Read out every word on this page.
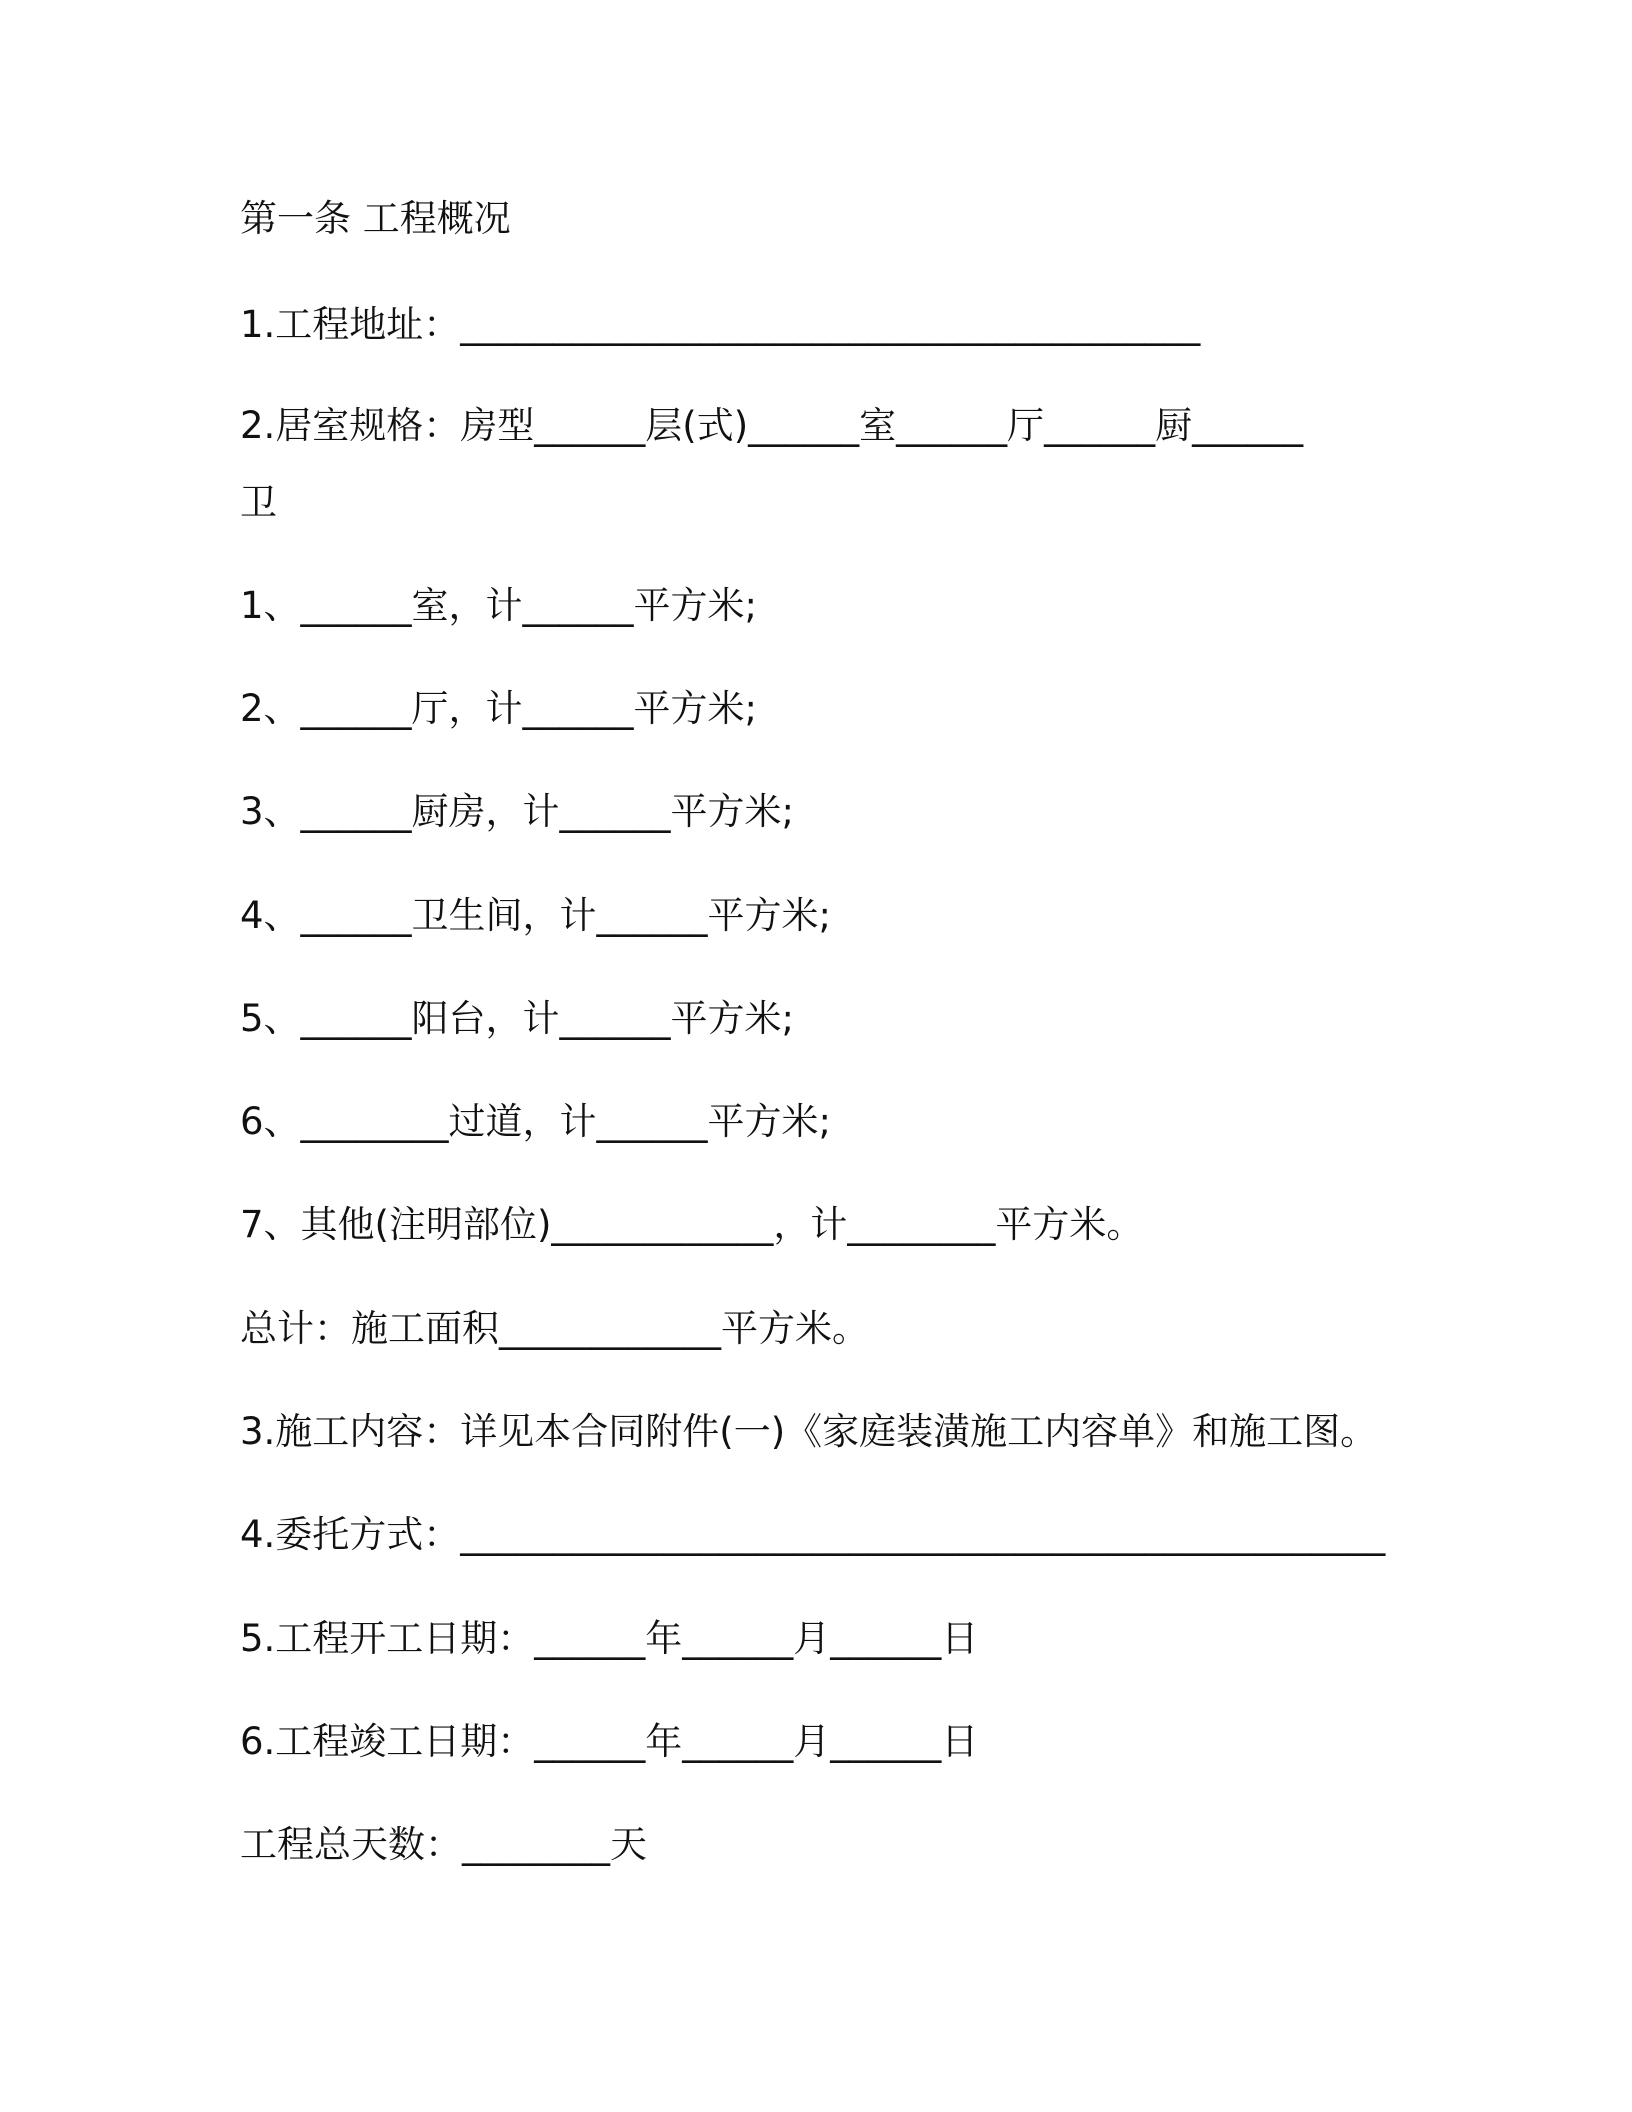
第一条 工程概况
1.工程地址：________________________________________
2.居室规格：房型______层(式)______室______厅______厨______
卫
1、______室，计______平方米;
2、______厅，计______平方米;
3、______厨房，计______平方米;
4、______卫生间，计______平方米;
5、______阳台，计______平方米;
6、________过道，计______平方米;
7、其他(注明部位)____________，计________平方米。
总计：施工面积____________平方米。
3.施工内容：详见本合同附件(一)《家庭装潢施工内容单》和施工图。
4.委托方式：__________________________________________________
5.工程开工日期：______年______月______日
6.工程竣工日期：______年______月______日
工程总天数：________天
